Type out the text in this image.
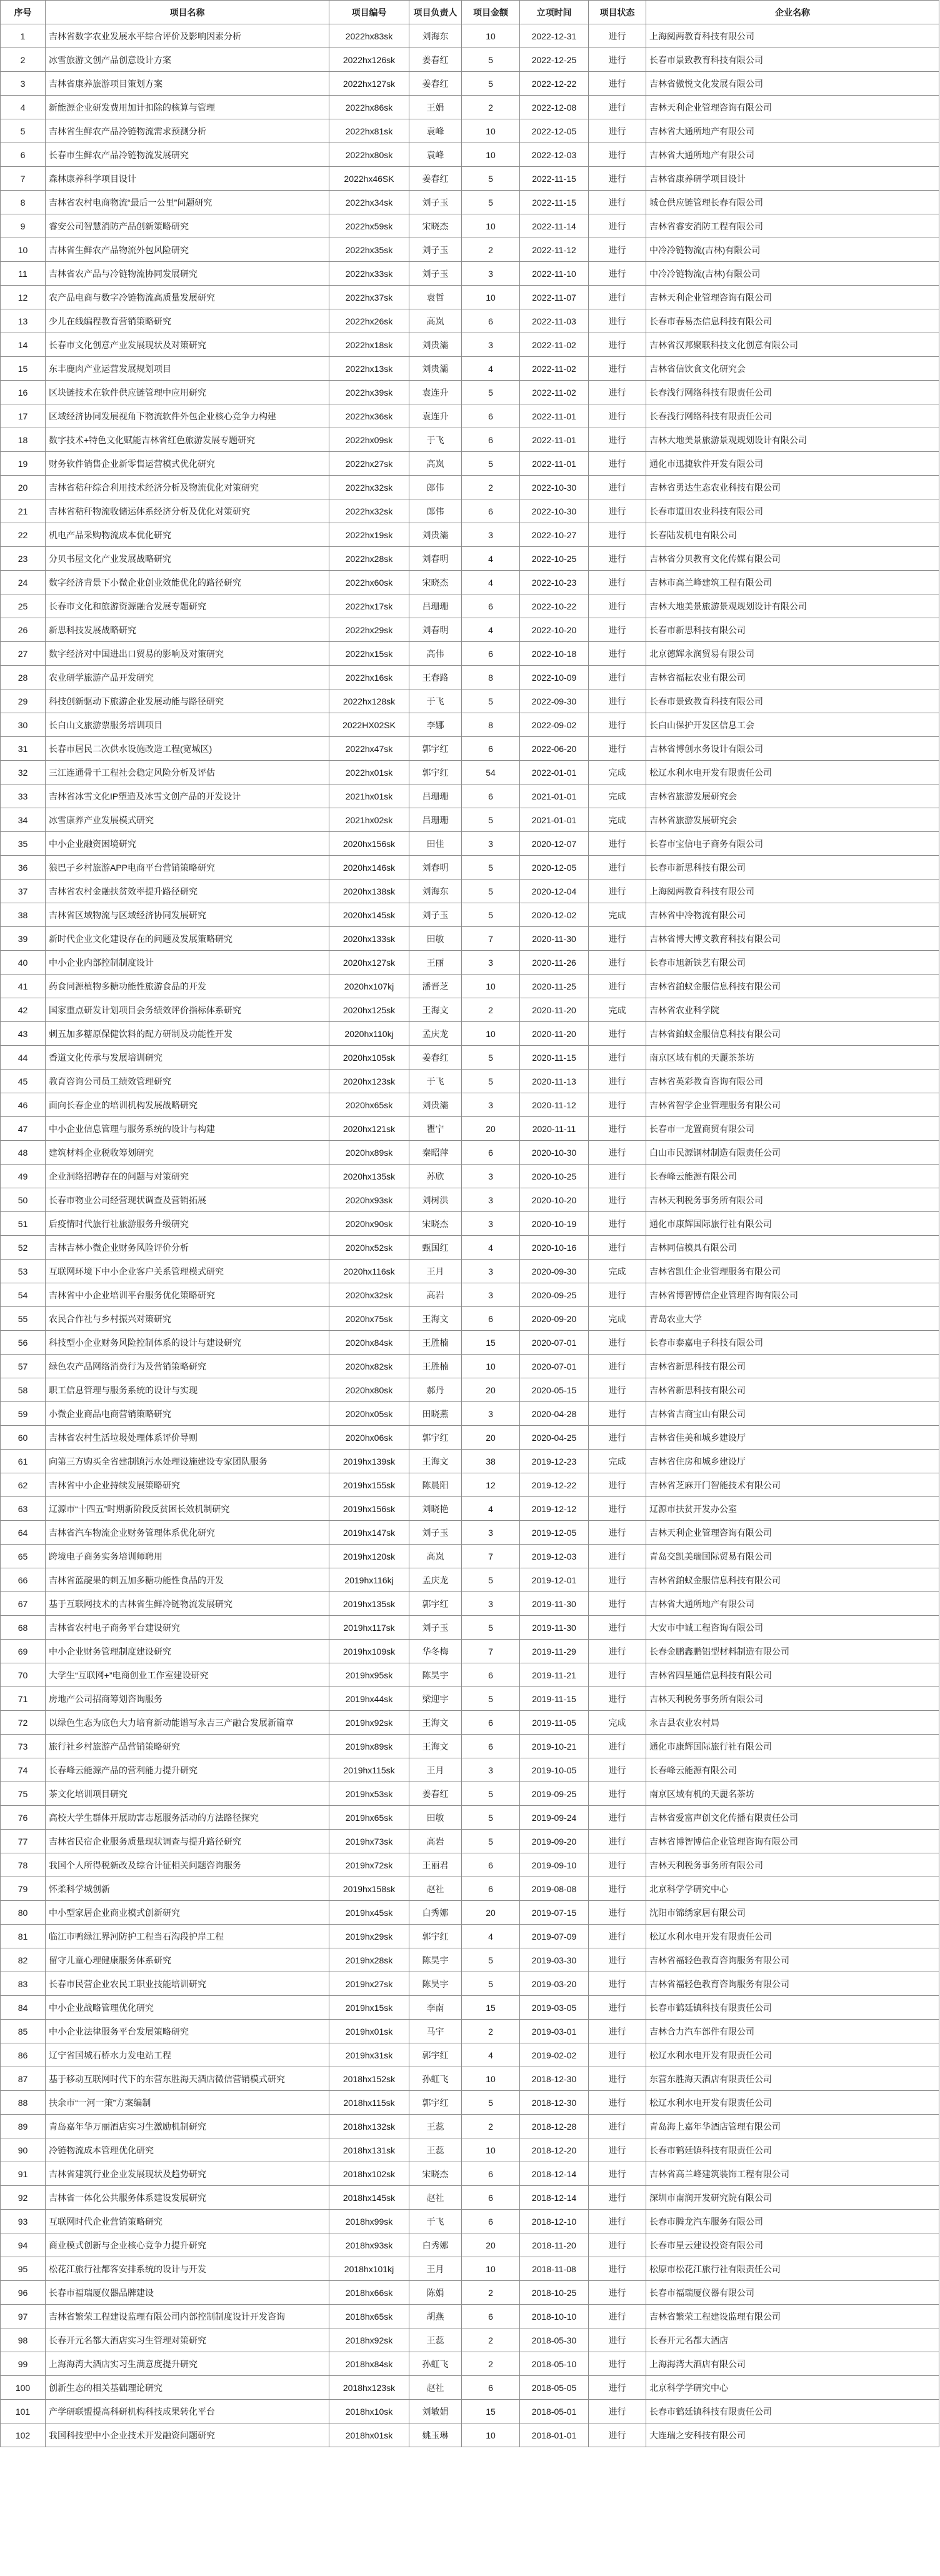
序号	项目名称	项目编号	项目负责人	项目金额	立项时间	项目状态	企业名称
1	吉林省数字农业发展水平综合评价及影响因素分析	2022hx83sk	刘海东	10	2022-12-31	进行	上海阅两教育科技有限公司
2	冰雪旅游文创产品创意设计方案	2022hx126sk	姜春红	5	2022-12-25	进行	长春市景致教育科技有限公司
3	吉林省康养旅游项目策划方案	2022hx127sk	姜春红	5	2022-12-22	进行	吉林省傲悦文化发展有限公司
4	新能源企业研发费用加计扣除的核算与管理	2022hx86sk	王娟	2	2022-12-08	进行	吉林天利企业管理咨询有限公司
5	吉林省生鲜农产品冷链物流需求预测分析	2022hx81sk	袁峰	10	2022-12-05	进行	吉林省大通所地产有限公司
6	长春市生鲜农产品冷链物流发展研究	2022hx80sk	袁峰	10	2022-12-03	进行	吉林省大通所地产有限公司
7	森林康养科学项目设计	2022hx46SK	姜春红	5	2022-11-15	进行	吉林省康养研学项目设计
8	吉林省农村电商物流“最后一公里”问题研究	2022hx34sk	刘子玉	5	2022-11-15	进行	城仓供应链管理长春有限公司
9	睿安公司智慧消防产品创新策略研究	2022hx59sk	宋晓杰	10	2022-11-14	进行	吉林省睿安消防工程有限公司
10	吉林省生鲜农产品物流外包风险研究	2022hx35sk	刘子玉	2	2022-11-12	进行	中冷冷链物流(吉林)有限公司
11	吉林省农产品与冷链物流协同发展研究	2022hx33sk	刘子玉	3	2022-11-10	进行	中冷冷链物流(吉林)有限公司
12	农产品电商与数字冷链物流高质量发展研究	2022hx37sk	袁哲	10	2022-11-07	进行	吉林天利企业管理咨询有限公司
13	少儿在线编程教育营销策略研究	2022hx26sk	高岚	6	2022-11-03	进行	长春市春易杰信息科技有限公司
14	长春市文化创意产业发展现状及对策研究	2022hx18sk	刘贵灞	3	2022-11-02	进行	吉林省汉邦聚联科技文化创意有限公司
15	东丰鹿肉产业运营发展规划项目	2022hx13sk	刘贵灞	4	2022-11-02	进行	吉林省信饮食文化研究会
16	区块链技术在软件供应链管理中应用研究	2022hx39sk	袁连升	5	2022-11-02	进行	长春浅行网络科技有限责任公司
17	区域经济协同发展视角下物流软件外包企业核心竞争力构建	2022hx36sk	袁连升	6	2022-11-01	进行	长春浅行网络科技有限责任公司
18	数字技术+特色文化赋能吉林省红色旅游发展专题研究	2022hx09sk	于飞	6	2022-11-01	进行	吉林大地美景旅游景观规划设计有限公司
19	财务软件销售企业新零售运营模式优化研究	2022hx27sk	高岚	5	2022-11-01	进行	通化市迅捷软件开发有限公司
20	吉林省秸秆综合利用技术经济分析及物流优化对策研究	2022hx32sk	郎伟	2	2022-10-30	进行	吉林省勇达生态农业科技有限公司
21	吉林省秸秆物流收储运体系经济分析及优化对策研究	2022hx32sk	郎伟	6	2022-10-30	进行	长春市道田农业科技有限公司
22	机电产品采购物流成本优化研究	2022hx19sk	刘贵灞	3	2022-10-27	进行	长春陆发机电有限公司
23	分贝书屋文化产业发展战略研究	2022hx28sk	刘春明	4	2022-10-25	进行	吉林省分贝教育文化传媒有限公司
24	数字经济背景下小微企业创业效能优化的路径研究	2022hx60sk	宋晓杰	4	2022-10-23	进行	吉林市高兰峰建筑工程有限公司
25	长春市文化和旅游资源融合发展专题研究	2022hx17sk	吕珊珊	6	2022-10-22	进行	吉林大地美景旅游景观规划设计有限公司
26	新思科技发展战略研究	2022hx29sk	刘春明	4	2022-10-20	进行	长春市新思科技有限公司
27	数字经济对中国进出口贸易的影响及对策研究	2022hx15sk	高伟	6	2022-10-18	进行	北京德辉永润贸易有限公司
28	农业研学旅游产品开发研究	2022hx16sk	王春路	8	2022-10-09	进行	吉林省福耘农业有限公司
29	科技创新驱动下旅游企业发展动能与路径研究	2022hx128sk	于飞	5	2022-09-30	进行	长春市景致教育科技有限公司
30	长白山文旅游票服务培训项目	2022HX02SK	李娜	8	2022-09-02	进行	长白山保护开发区信息工会
31	长春市居民二次供水设施改造工程(宽城区)	2022hx47sk	郭宇红	6	2022-06-20	进行	吉林省博创水务设计有限公司
32	三江连通骨干工程社会稳定风险分析及评估	2022hx01sk	郭宇红	54	2022-01-01	完成	松辽水利水电开发有限责任公司
33	吉林省冰雪文化IP塑造及冰雪文创产品的开发设计	2021hx01sk	吕珊珊	6	2021-01-01	完成	吉林省旅游发展研究会
34	冰雪康养产业发展模式研究	2021hx02sk	吕珊珊	5	2021-01-01	完成	吉林省旅游发展研究会
35	中小企业融资困境研究	2020hx156sk	田佳	3	2020-12-07	进行	长春市宝信电子商务有限公司
36	狼巴子乡村旅游APP电商平台营销策略研究	2020hx146sk	刘春明	5	2020-12-05	进行	长春市新思科技有限公司
37	吉林省农村金融扶贫效率提升路径研究	2020hx138sk	刘海东	5	2020-12-04	进行	上海阅两教育科技有限公司
38	吉林省区域物流与区域经济协同发展研究	2020hx145sk	刘子玉	5	2020-12-02	完成	吉林省中冷物流有限公司
39	新时代企业文化建设存在的问题及发展策略研究	2020hx133sk	田敏	7	2020-11-30	进行	吉林省博大博文教育科技有限公司
40	中小企业内部控制制度设计	2020hx127sk	王丽	3	2020-11-26	进行	长春市旭新铁艺有限公司
41	药食同源植物多糖功能性旅游食品的开发	2020hx107kj	潘晋芝	10	2020-11-25	进行	吉林省鉑蚁金服信息科技有限公司
42	国家重点研发计划项目会务绩效评价指标体系研究	2020hx125sk	王海文	2	2020-11-20	完成	吉林省农业科学院
43	刺五加多糖原保健饮料的配方研制及功能性开发	2020hx110kj	孟庆龙	10	2020-11-20	进行	吉林省鉑蚁金服信息科技有限公司
44	香道文化传承与发展培训研究	2020hx105sk	姜春红	5	2020-11-15	进行	南京区域有机的天麗茶茶坊
45	教育咨询公司员工绩效管理研究	2020hx123sk	于飞	5	2020-11-13	进行	吉林省英彩教育咨询有限公司
46	面向长春企业的培训机构发展战略研究	2020hx65sk	刘贵灞	3	2020-11-12	进行	吉林省智学企业管理服务有限公司
47	中小企业信息管理与服务系统的设计与构建	2020hx121sk	瞿宁	20	2020-11-11	进行	长春市一龙置商贸有限公司
48	建筑材料企业税收筹划研究	2020hx89sk	秦昭萍	6	2020-10-30	进行	白山市民源钢材制造有限责任公司
49	企业洞络招聘存在的问题与对策研究	2020hx135sk	苏欣	3	2020-10-25	进行	长春峰云能源有限公司
50	长春市物业公司经营现状调查及营销拓展	2020hx93sk	刘树洪	3	2020-10-20	进行	吉林天利税务事务所有限公司
51	后疫情时代旅行社旅游服务升级研究	2020hx90sk	宋晓杰	3	2020-10-19	进行	通化市康辉国际旅行社有限公司
52	吉林吉林小微企业财务风险评价分析	2020hx52sk	甄国红	4	2020-10-16	进行	吉林同信模具有限公司
53	互联网环境下中小企业客户关系管理模式研究	2020hx116sk	王月	3	2020-09-30	完成	吉林省凯仕企业管理服务有限公司
54	吉林省中小企业培训平台服务优化策略研究	2020hx32sk	高岩	3	2020-09-25	进行	吉林省博智博信企业管理咨询有限公司
55	农民合作社与乡村振兴对策研究	2020hx75sk	王海文	6	2020-09-20	完成	青岛农业大学
56	科技型小企业财务风险控制体系的设计与建设研究	2020hx84sk	王胜楠	15	2020-07-01	进行	长春市泰嘉电子科技有限公司
57	绿色农产品网络消费行为及营销策略研究	2020hx82sk	王胜楠	10	2020-07-01	进行	吉林省新思科技有限公司
58	职工信息管理与服务系统的设计与实现	2020hx80sk	郝丹	20	2020-05-15	进行	吉林省新思科技有限公司
59	小微企业商品电商营销策略研究	2020hx05sk	田晓燕	3	2020-04-28	进行	吉林省吉商宝山有限公司
60	吉林省农村生活垃圾处理体系评价导则	2020hx06sk	郭宇红	20	2020-04-25	进行	吉林省佳美和城乡建设厅
61	向第三方购买全省建制镇污水处理设施建设专家团队服务	2019hx139sk	王海文	38	2019-12-23	完成	吉林省住房和城乡建设厅
62	吉林省中小企业持续发展策略研究	2019hx155sk	陈晨阳	12	2019-12-22	进行	吉林省芝麻开门智能技术有限公司
63	辽源市“十四五”时期新阶段反贫困长效机制研究	2019hx156sk	刘晓艳	4	2019-12-12	进行	辽源市扶贫开发办公室
64	吉林省汽车物流企业财务管理体系优化研究	2019hx147sk	刘子玉	3	2019-12-05	进行	吉林天利企业管理咨询有限公司
65	跨境电子商务实务培训师聘用	2019hx120sk	高岚	7	2019-12-03	进行	青岛交凯美瑞国际贸易有限公司
66	吉林省蓝靛果的刺五加多糖功能性食品的开发	2019hx116kj	孟庆龙	5	2019-12-01	进行	吉林省鉑蚁金服信息科技有限公司
67	基于互联网技术的吉林省生鲜冷链物流发展研究	2019hx135sk	郭宇红	3	2019-11-30	进行	吉林省大通所地产有限公司
68	吉林省农村电子商务平台建设研究	2019hx117sk	刘子玉	5	2019-11-30	进行	大安市中诚工程咨询有限公司
69	中小企业财务管理制度建设研究	2019hx109sk	华冬梅	7	2019-11-29	进行	长春金鹏鑫鹏铝型材料制造有限公司
70	大学生“互联网+”电商创业工作室建设研究	2019hx95sk	陈昊宇	6	2019-11-21	进行	吉林省四星通信息科技有限公司
71	房地产公司招商筹划咨询服务	2019hx44sk	梁迎宇	5	2019-11-15	进行	吉林天利税务事务所有限公司
72	以绿色生态为底色大力培育新动能谱写永吉三产融合发展新篇章	2019hx92sk	王海文	6	2019-11-05	完成	永吉县农业农村局
73	旅行社乡村旅游产品营销策略研究	2019hx89sk	王海文	6	2019-10-21	进行	通化市康辉国际旅行社有限公司
74	长春峰云能源产品的营利能力提升研究	2019hx115sk	王月	3	2019-10-05	进行	长春峰云能源有限公司
75	茶文化培训项目研究	2019hx53sk	姜春红	5	2019-09-25	进行	南京区域有机的天麗名茶坊
76	高校大学生群体开展助害志愿服务活动的方法路径探究	2019hx65sk	田敏	5	2019-09-24	进行	吉林省爱富声创文化传播有限责任公司
77	吉林省民宿企业服务质量现状调查与提升路径研究	2019hx73sk	高岩	5	2019-09-20	进行	吉林省博智博信企业管理咨询有限公司
78	我国个人所得税新改及综合计征相关问题咨询服务	2019hx72sk	王丽君	6	2019-09-10	进行	吉林天利税务事务所有限公司
79	怀柔科学城创新	2019hx158sk	赵社	6	2019-08-08	进行	北京科学学研究中心
80	中小型家居企业商业模式创新研究	2019hx45sk	白秀娜	20	2019-07-15	进行	沈阳市锦绣家居有限公司
81	临江市鸭绿江界河防护工程当石沟段护岸工程	2019hx29sk	郭宇红	4	2019-07-09	进行	松辽水利水电开发有限责任公司
82	留守儿童心理健康服务体系研究	2019hx28sk	陈昊宇	5	2019-03-30	进行	吉林省福轻色教育咨询服务有限公司
83	长春市民营企业农民工职业技能培训研究	2019hx27sk	陈昊宇	5	2019-03-20	进行	吉林省福轻色教育咨询服务有限公司
84	中小企业战略管理优化研究	2019hx15sk	李南	15	2019-03-05	进行	长春市鹤廷镇科技有限责任公司
85	中小企业法律服务平台发展策略研究	2019hx01sk	马宇	2	2019-03-01	进行	吉林合力汽车部件有限公司
86	辽宁省国城石桥水力发电站工程	2019hx31sk	郭宇红	4	2019-02-02	进行	松辽水利水电开发有限责任公司
87	基于移动互联网时代下的东营东胜海天酒店微信营销模式研究	2018hx152sk	孙虹飞	10	2018-12-30	进行	东营东胜海天酒店有限责任公司
88	扶余市“一河一策”方案编制	2018hx115sk	郭宇红	5	2018-12-30	进行	松辽水利水电开发有限责任公司
89	青岛嘉年华万丽酒店实习生激励机制研究	2018hx132sk	王蕊	2	2018-12-28	进行	青岛海上嘉年华酒店管理有限公司
90	冷链物流成本管理优化研究	2018hx131sk	王蕊	10	2018-12-20	进行	长春市鹤廷镇科技有限责任公司
91	吉林省建筑行业企业发展现状及趋势研究	2018hx102sk	宋晓杰	6	2018-12-14	进行	吉林省高兰峰建筑装饰工程有限公司
92	吉林省一体化公共服务体系建设发展研究	2018hx145sk	赵社	6	2018-12-14	进行	深圳市南润开发研究院有限公司
93	互联网时代企业营销策略研究	2018hx99sk	于飞	6	2018-12-10	进行	长春市腾龙汽车服务有限公司
94	商业模式创新与企业核心竞争力提升研究	2018hx93sk	白秀娜	20	2018-11-20	进行	长春市星云建设投资有限公司
95	松花江旅行社都客安排系统的设计与开发	2018hx101kj	王月	10	2018-11-08	进行	松原市松花江旅行社有限责任公司
96	长春市福瑞厦仪器品牌建设	2018hx66sk	陈娟	2	2018-10-25	进行	长春市福瑞厦仪器有限公司
97	吉林省繁荣工程建设监理有限公司内部控制制度设计开发咨询	2018hx65sk	胡燕	6	2018-10-10	进行	吉林省繁荣工程建设监理有限公司
98	长春开元名都大酒店实习生管理对策研究	2018hx92sk	王蕊	2	2018-05-30	进行	长春开元名都大酒店
99	上海海湾大酒店实习生满意度提升研究	2018hx84sk	孙虹飞	2	2018-05-10	进行	上海海湾大酒店有限公司
100	创新生态的相关基础理论研究	2018hx123sk	赵社	6	2018-05-05	进行	北京科学学研究中心
101	产学研联盟提高科研机构科技成果转化平台	2018hx10sk	刘敏娟	15	2018-05-01	进行	长春市鹤廷镇科技有限责任公司
102	我国科技型中小企业技术开发融资问题研究	2018hx01sk	姚玉琳	10	2018-01-01	进行	大连瑞之安科技有限公司
